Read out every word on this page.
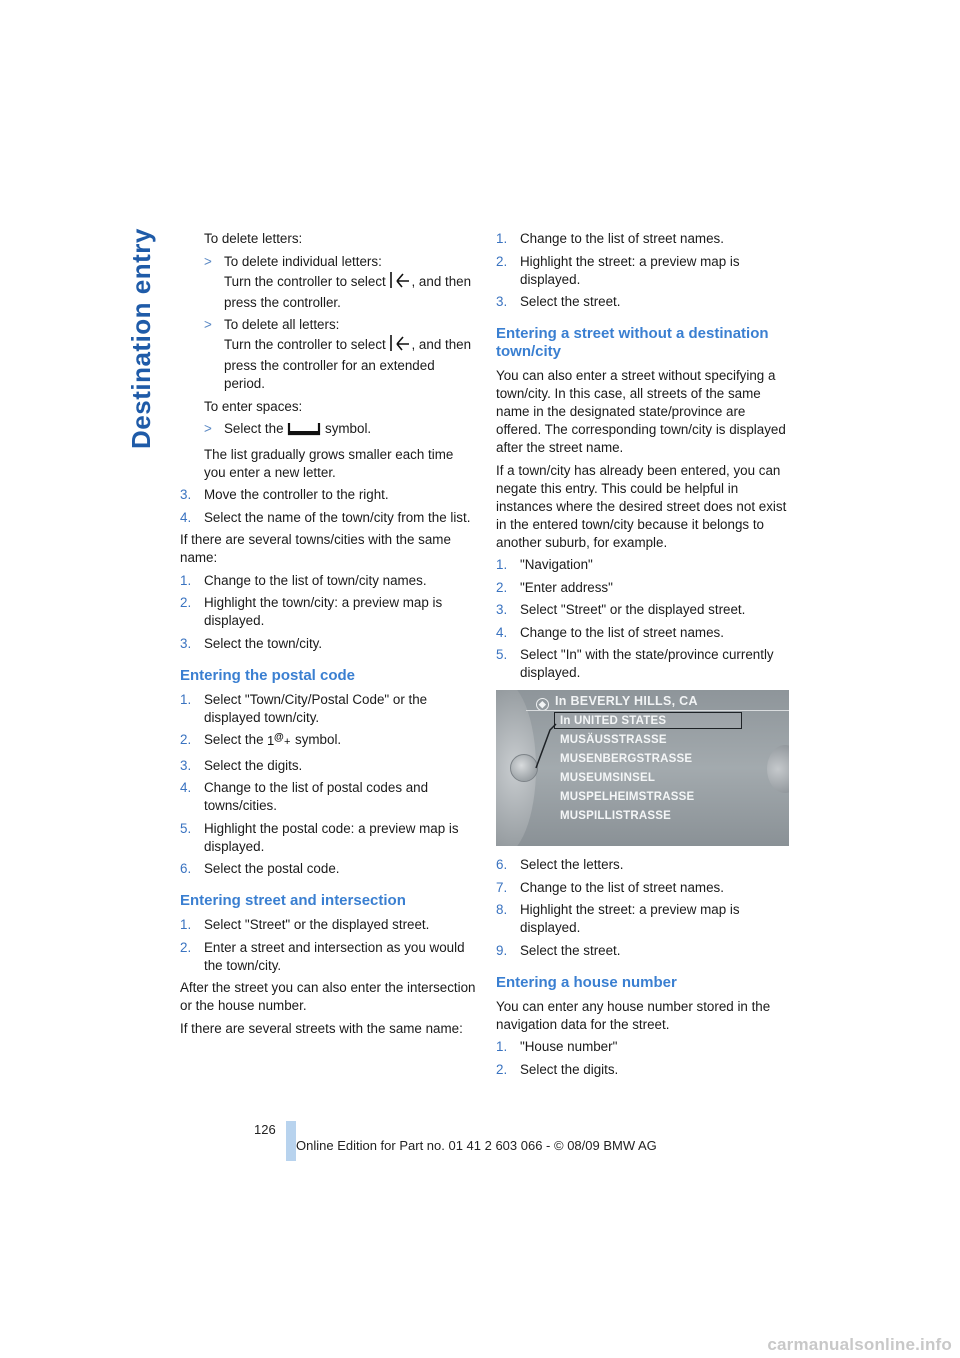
Destination entry	To delete letters:

> To delete individual letters:
Turn the controller to select , and then press the controller.
> To delete all letters:
Turn the controller to select , and then press the controller for an extended period.

To enter spaces:

> Select the	symbol.

The list gradually grows smaller each time you enter a new letter.

3. Move the controller to the right.
4. Select the name of the town/city from the list.

If there are several towns/cities with the same name:

1. Change to the list of town/city names.
2. Highlight the town/city: a preview map is displayed.
3. Select the town/city.
Entering the postal code
1. Select "Town/City/Postal Code" or the displayed town/city.
2. Select the 1 @ + symbol.
3. Select the digits.
4. Change to the list of postal codes and towns/cities.
5. Highlight the postal code: a preview map is displayed.
6. Select the postal code.
Entering street and intersection
1. Select "Street" or the displayed street.
2. Enter a street and intersection as you would the town/city.

After the street you can also enter the intersection or the house number.

If there are several streets with the same name:

1. Change to the list of street names.
2. Highlight the street: a preview map is displayed.
3. Select the street.
Entering a street without a destination town/city

You can also enter a street without specifying a town/city. In this case, all streets of the same name in the designated state/province are offered. The corresponding town/city is displayed after the street name.

If a town/city has already been entered, you can negate this entry. This could be helpful in instances where the desired street does not exist in the entered town/city because it belongs to another suburb, for example.

1. "Navigation"
2. "Enter address"
3. Select "Street" or the displayed street.
4. Change to the list of street names.
5. Select "In" with the state/province currently displayed.
◆ In BEVERLY HILLS, CA
In UNITED STATES
MUSÄUSSTRASSE
MUSENBERGSTRASSE
MUSEUMSINSEL
MUSPELHEIMSTRASSE
MUSPILLISTRASSE
6. Select the letters.
7. Change to the list of street names.
8. Highlight the street: a preview map is displayed.
9. Select the street.
Entering a house number

You can enter any house number stored in the navigation data for the street.

1. "House number"
2. Select the digits.
126
Online Edition for Part no. 01 41 2 603 066 - © 08/09 BMW AG
carmanualsonline.info
